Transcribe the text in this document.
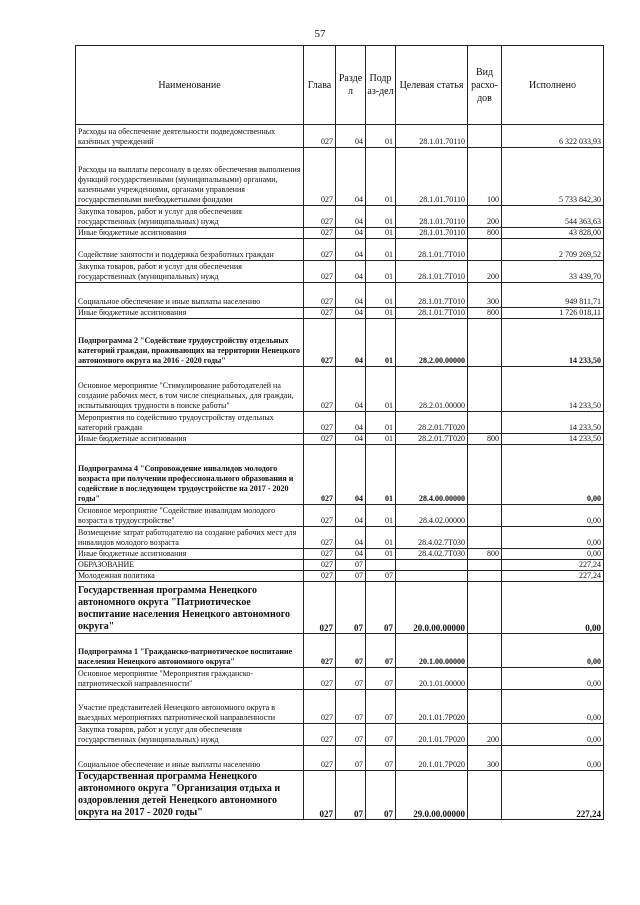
57
Наименование	Глава	Разде л	Подр аз-дел	Целевая статья	Вид расхо-дов	Исполнено
Расходы на обеспечение деятельности подведомственных казённых учреждений	027	04	01	28.1.01.70110		6 322 033,93
Расходы на выплаты персоналу в целях обеспечения выполнения функций государственными (муниципальными) органами, казенными учреждениями, органами управления государственными внебюджетными фондами	027	04	01	28.1.01.70110	100	5 733 842,30
Закупка товаров, работ и услуг для обеспечения государственных (муниципальных) нужд	027	04	01	28.1.01.70110	200	544 363,63
Иные бюджетные ассигнования	027	04	01	28.1.01.70110	800	43 828,00
Содействие занятости и поддержка безработных граждан	027	04	01	28.1.01.7Т010		2 709 269,52
Закупка товаров, работ и услуг для обеспечения государственных (муниципальных) нужд	027	04	01	28.1.01.7Т010	200	33 439,70
Социальное обеспечение и иные выплаты населению	027	04	01	28.1.01.7Т010	300	949 811,71
Иные бюджетные ассигнования	027	04	01	28.1.01.7Т010	800	1 726 018,11
Подпрограмма 2 "Содействие трудоустройству отдельных категорий граждан, проживающих на территории Ненецкого автономного округа на 2016 - 2020 годы"	027	04	01	28.2.00.00000		14 233,50
Основное мероприятие "Стимулирование работодателей на создание рабочих мест, в том числе специальных, для граждан, испытывающих трудности в поиске работы"	027	04	01	28.2.01.00000		14 233,50
Мероприятия по содействию трудоустройству отдельных категорий граждан	027	04	01	28.2.01.7Т020		14 233,50
Иные бюджетные ассигнования	027	04	01	28.2.01.7Т020	800	14 233,50
Подпрограмма 4 "Сопровождение инвалидов молодого возраста при получении профессионального образования и содействие в последующем трудоустройстве на 2017 - 2020 годы"	027	04	01	28.4.00.00000		0,00
Основное мероприятие "Содействие инвалидам молодого возраста в трудоустройстве"	027	04	01	28.4.02.00000		0,00
Возмещение затрат работодателю на создание рабочих мест для инвалидов молодого возраста	027	04	01	28.4.02.7Т030		0,00
Иные бюджетные ассигнования	027	04	01	28.4.02.7Т030	800	0,00
ОБРАЗОВАНИЕ	027	07				227,24
Молодежная политика	027	07	07			227,24
Государственная программа Ненецкого автономного округа "Патриотическое воспитание населения Ненецкого автономного округа"	027	07	07	20.0.00.00000		0,00
Подпрограмма 1 "Гражданско-патриотическое воспитание населения Ненецкого автономного округа"	027	07	07	20.1.00.00000		0,00
Основное мероприятие "Мероприятия гражданско-патриотической направленности"	027	07	07	20.1.01.00000		0,00
Участие представителей Ненецкого автономного округа в выездных мероприятиях патриотической направленности	027	07	07	20.1.01.7Р020		0,00
Закупка товаров, работ и услуг для обеспечения государственных (муниципальных) нужд	027	07	07	20.1.01.7Р020	200	0,00
Социальное обеспечение и иные выплаты населению	027	07	07	20.1.01.7Р020	300	0,00
Государственная программа Ненецкого автономного округа "Организация отдыха и оздоровления детей Ненецкого автономного округа на 2017 - 2020 годы"	027	07	07	29.0.00.00000		227,24
